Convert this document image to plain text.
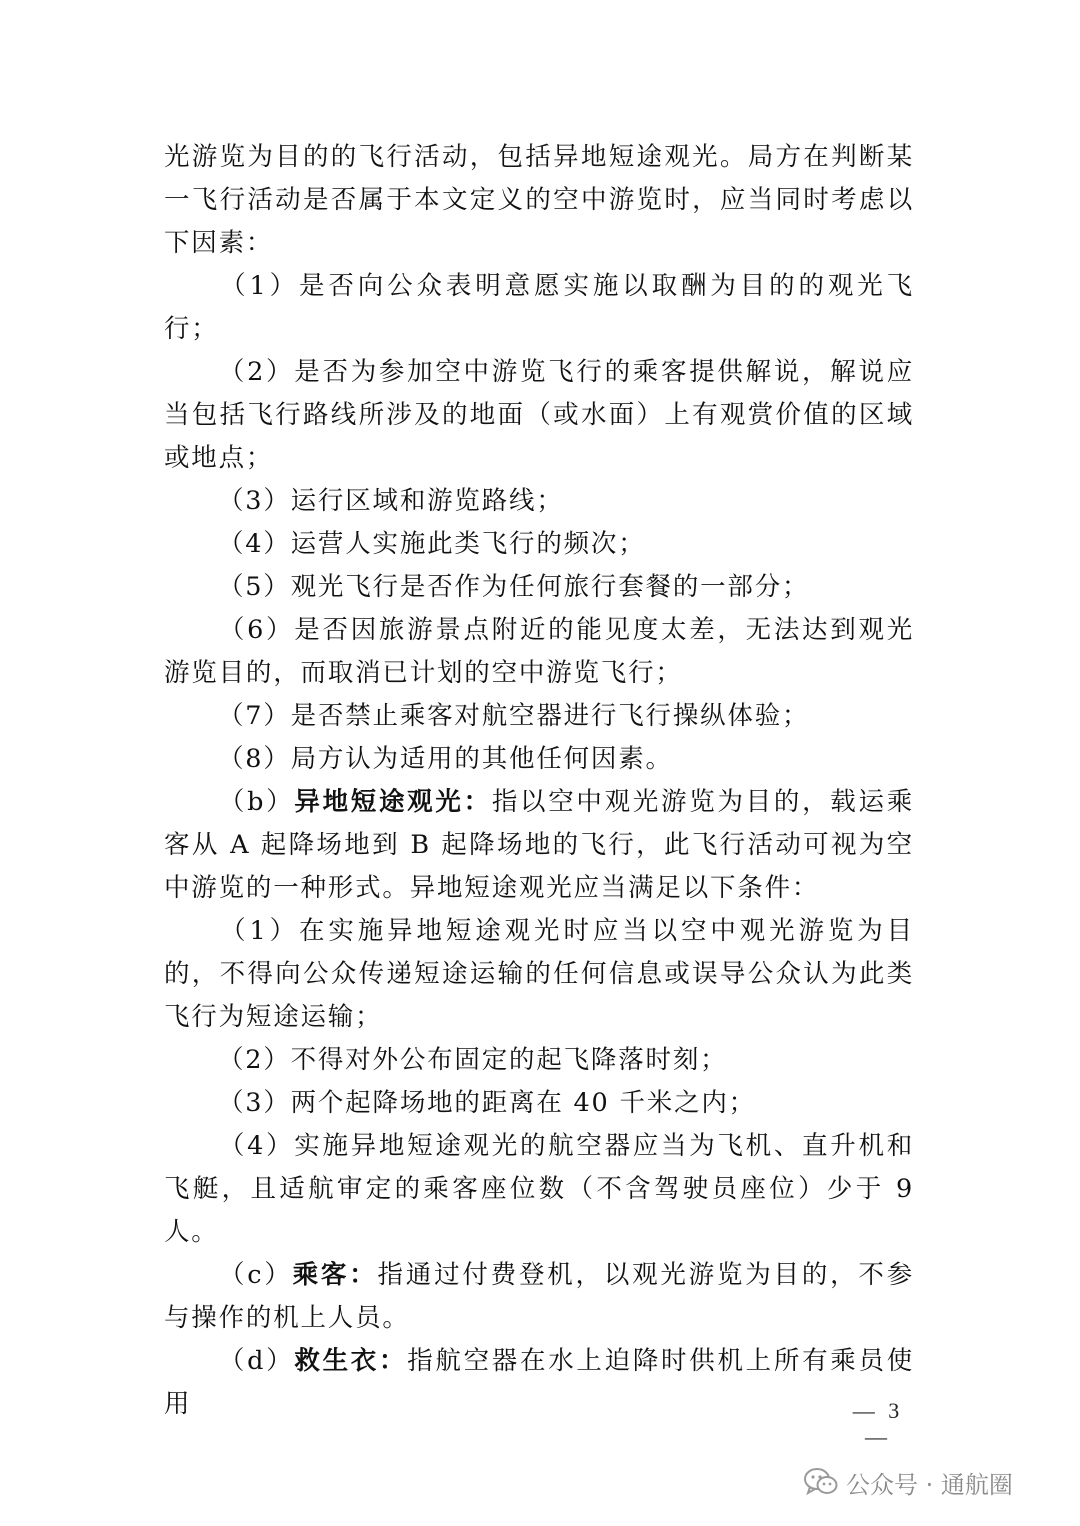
光游览为目的的飞行活动，包括异地短途观光。局方在判断某一飞行活动是否属于本文定义的空中游览时，应当同时考虑以下因素：

（1）是否向公众表明意愿实施以取酬为目的的观光飞行；

（2）是否为参加空中游览飞行的乘客提供解说，解说应当包括飞行路线所涉及的地面（或水面）上有观赏价值的区域或地点；

（3）运行区域和游览路线；

（4）运营人实施此类飞行的频次；

（5）观光飞行是否作为任何旅行套餐的一部分；

（6）是否因旅游景点附近的能见度太差，无法达到观光游览目的，而取消已计划的空中游览飞行；

（7）是否禁止乘客对航空器进行飞行操纵体验；

（8）局方认为适用的其他任何因素。

（b）异地短途观光：指以空中观光游览为目的，载运乘客从 A 起降场地到 B 起降场地的飞行，此飞行活动可视为空中游览的一种形式。异地短途观光应当满足以下条件：

（1）在实施异地短途观光时应当以空中观光游览为目的，不得向公众传递短途运输的任何信息或误导公众认为此类飞行为短途运输；

（2）不得对外公布固定的起飞降落时刻；

（3）两个起降场地的距离在 40 千米之内；

（4）实施异地短途观光的航空器应当为飞机、直升机和飞艇，且适航审定的乘客座位数（不含驾驶员座位）少于 9 人。

（c）乘客：指通过付费登机，以观光游览为目的，不参与操作的机上人员。

（d）救生衣：指航空器在水上迫降时供机上所有乘员使用	— 3 —
公众号 · 通航圈
